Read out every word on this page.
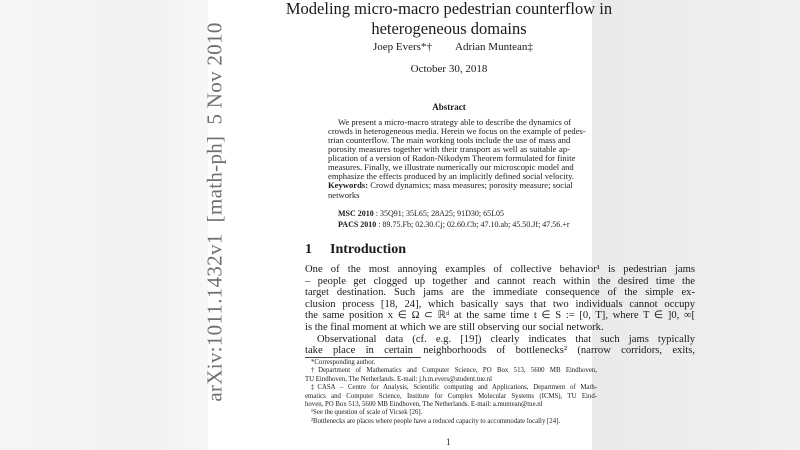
Modeling micro-macro pedestrian counterflow in
heterogeneous domains
Joep Evers*† Adrian Muntean‡
October 30, 2018
Abstract
Keywords: Crowd dynamics; mass measures; porosity measure; social
networks
MSC 2010 : 35Q91; 35L65; 28A25; 91D30; 65L05
PACS 2010 : 89.75.Fb; 02.30.Cj; 02.60.Cb; 47.10.ab; 45.50.Jf; 47.56.+r
1 Introduction
1
We present a micro-macro strategy able to describe the dynamics of
crowds in heterogeneous media. Herein we focus on the example of pedes-
trian counterflow. The main working tools include the use of mass and
porosity measures together with their transport as well as suitable ap-
plication of a version of Radon-Nikodym Theorem formulated for finite
measures. Finally, we illustrate numerically our microscopic model and
emphasize the effects produced by an implicitly defined social velocity.
One of the most annoying examples of collective behavior¹ is pedestrian jams
– people get clogged up together and cannot reach within the desired time the
target destination. Such jams are the immediate consequence of the simple ex-
clusion process [18, 24], which basically says that two individuals cannot occupy
the same position x ∈ Ω ⊂ ℝᵈ at the same time t ∈ S := [0, T], where T ∈ ]0, ∞[
is the final moment at which we are still observing our social network.
Observational data (cf. e.g. [19]) clearly indicates that such jams typically
take place in certain neighborhoods of bottlenecks² (narrow corridors, exits,
*Corresponding author.
†Department of Mathematics and Computer Science, PO Box 513, 5600 MB Eindhoven,
TU Eindhoven, The Netherlands. E-mail: j.h.m.evers@student.tue.nl
‡CASA – Centre for Analysis, Scientific computing and Applications, Department of Math-
ematics and Computer Science, Institute for Complex Molecular Systems (ICMS), TU Eind-
hoven, PO Box 513, 5600 MB Eindhoven, The Netherlands. E-mail: a.muntean@tue.nl
¹See the question of scale of Vicsek [26].
²Bottlenecks are places where people have a reduced capacity to accommodate locally [24].
arXiv:1011.1432v1  [math-ph]  5 Nov 2010
